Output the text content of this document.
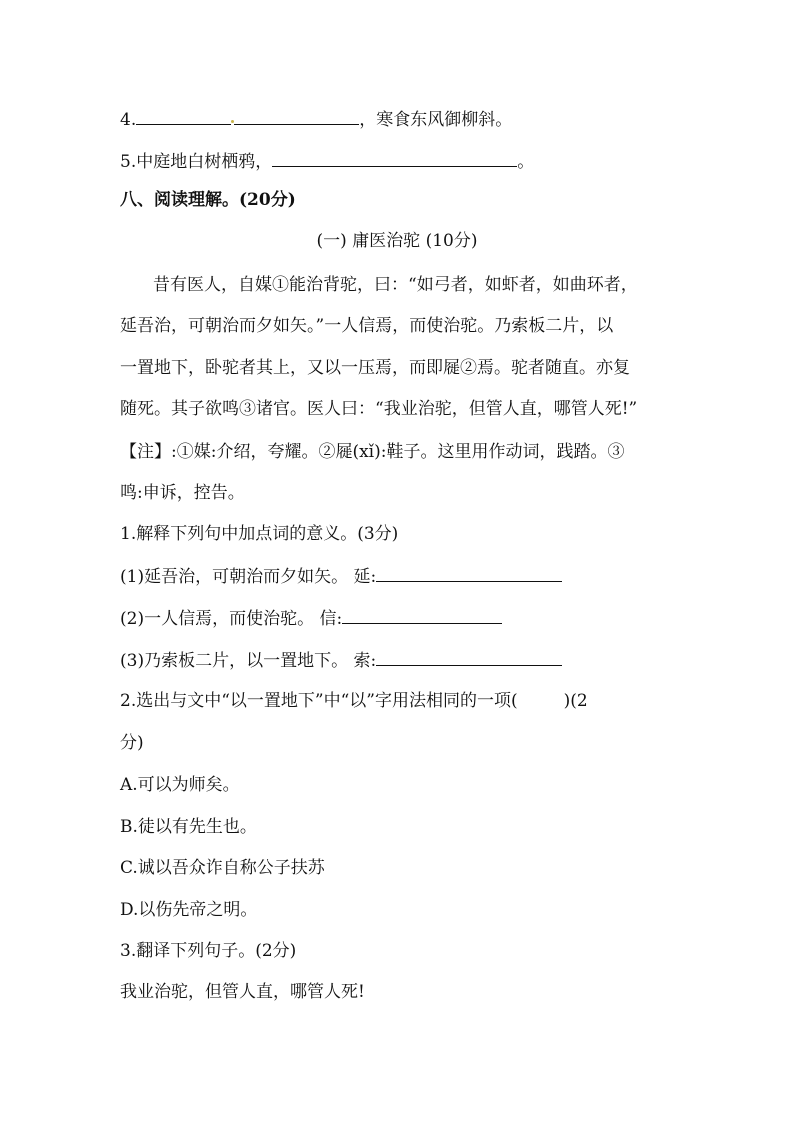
4.	，寒食东风御柳斜。
5.中庭地白树栖鸦，	。
八、阅读理解。(20分)
(一) 庸医治驼 (10分)
昔有医人，自媒①能治背驼，曰：“如弓者，如虾者，如曲环者，
延吾治，可朝治而夕如矢。”一人信焉，而使治驼。乃索板二片，以
一置地下，卧驼者其上，又以一压焉，而即屣②焉。驼者随直。亦复
随死。其子欲鸣③诸官。医人曰：“我业治驼，但管人直，哪管人死!”
【注】:①媒:介绍，夸耀。②屣(xǐ):鞋子。这里用作动词，践踏。③
鸣:申诉，控告。
1.解释下列句中加点词的意义。(3分)
(1)延吾治，可朝治而夕如矢。 延:
(2)一人信焉，而使治驼。 信:
(3)乃索板二片，以一置地下。 索:
2.选出与文中“以一置地下”中“以”字用法相同的一项(	)(2
分)
A.可以为师矣。
B.徒以有先生也。
C.诚以吾众诈自称公子扶苏
D.以伤先帝之明。
3.翻译下列句子。(2分)
我业治驼，但管人直，哪管人死!
